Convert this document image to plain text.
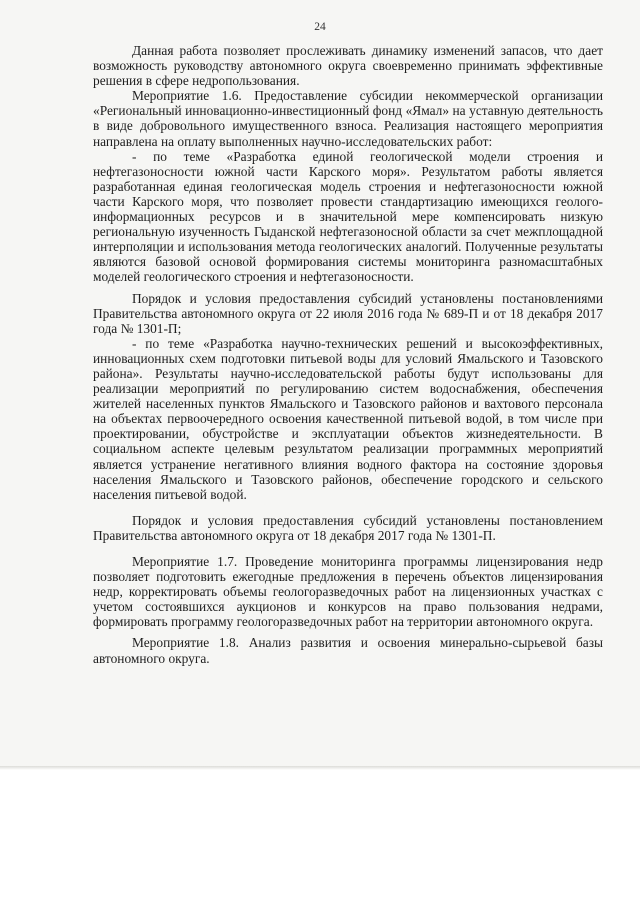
24

Данная работа позволяет прослеживать динамику изменений запасов, что дает возможность руководству автономного округа своевременно принимать эффективные решения в сфере недропользования.

Мероприятие 1.6. Предоставление субсидии некоммерческой организации «Региональный инновационно-инвестиционный фонд «Ямал» на уставную деятельность в виде добровольного имущественного взноса. Реализация настоящего мероприятия направлена на оплату выполненных научно-исследовательских работ:

- по теме «Разработка единой геологической модели строения и нефтегазоносности южной части Карского моря». Результатом работы является разработанная единая геологическая модель строения и нефтегазоносности южной части Карского моря, что позволяет провести стандартизацию имеющихся геолого-информационных ресурсов и в значительной мере компенсировать низкую региональную изученность Гыданской нефтегазоносной области за счет межплощадной интерполяции и использования метода геологических аналогий. Полученные результаты являются базовой основой формирования системы мониторинга разномасштабных моделей геологического строения и нефтегазоносности.

Порядок и условия предоставления субсидий установлены постановлениями Правительства автономного округа от 22 июля 2016 года № 689-П и от 18 декабря 2017 года № 1301-П;

- по теме «Разработка научно-технических решений и высокоэффективных, инновационных схем подготовки питьевой воды для условий Ямальского и Тазовского района». Результаты научно-исследовательской работы будут использованы для реализации мероприятий по регулированию систем водоснабжения, обеспечения жителей населенных пунктов Ямальского и Тазовского районов и вахтового персонала на объектах первоочередного освоения качественной питьевой водой, в том числе при проектировании, обустройстве и эксплуатации объектов жизнедеятельности. В социальном аспекте целевым результатом реализации программных мероприятий является устранение негативного влияния водного фактора на состояние здоровья населения Ямальского и Тазовского районов, обеспечение городского и сельского населения питьевой водой.

Порядок и условия предоставления субсидий установлены постановлением Правительства автономного округа от 18 декабря 2017 года № 1301-П.

Мероприятие 1.7. Проведение мониторинга программы лицензирования недр позволяет подготовить ежегодные предложения в перечень объектов лицензирования недр, корректировать объемы геологоразведочных работ на лицензионных участках с учетом состоявшихся аукционов и конкурсов на право пользования недрами, формировать программу геологоразведочных работ на территории автономного округа.

Мероприятие 1.8. Анализ развития и освоения минерально-сырьевой базы автономного округа.
